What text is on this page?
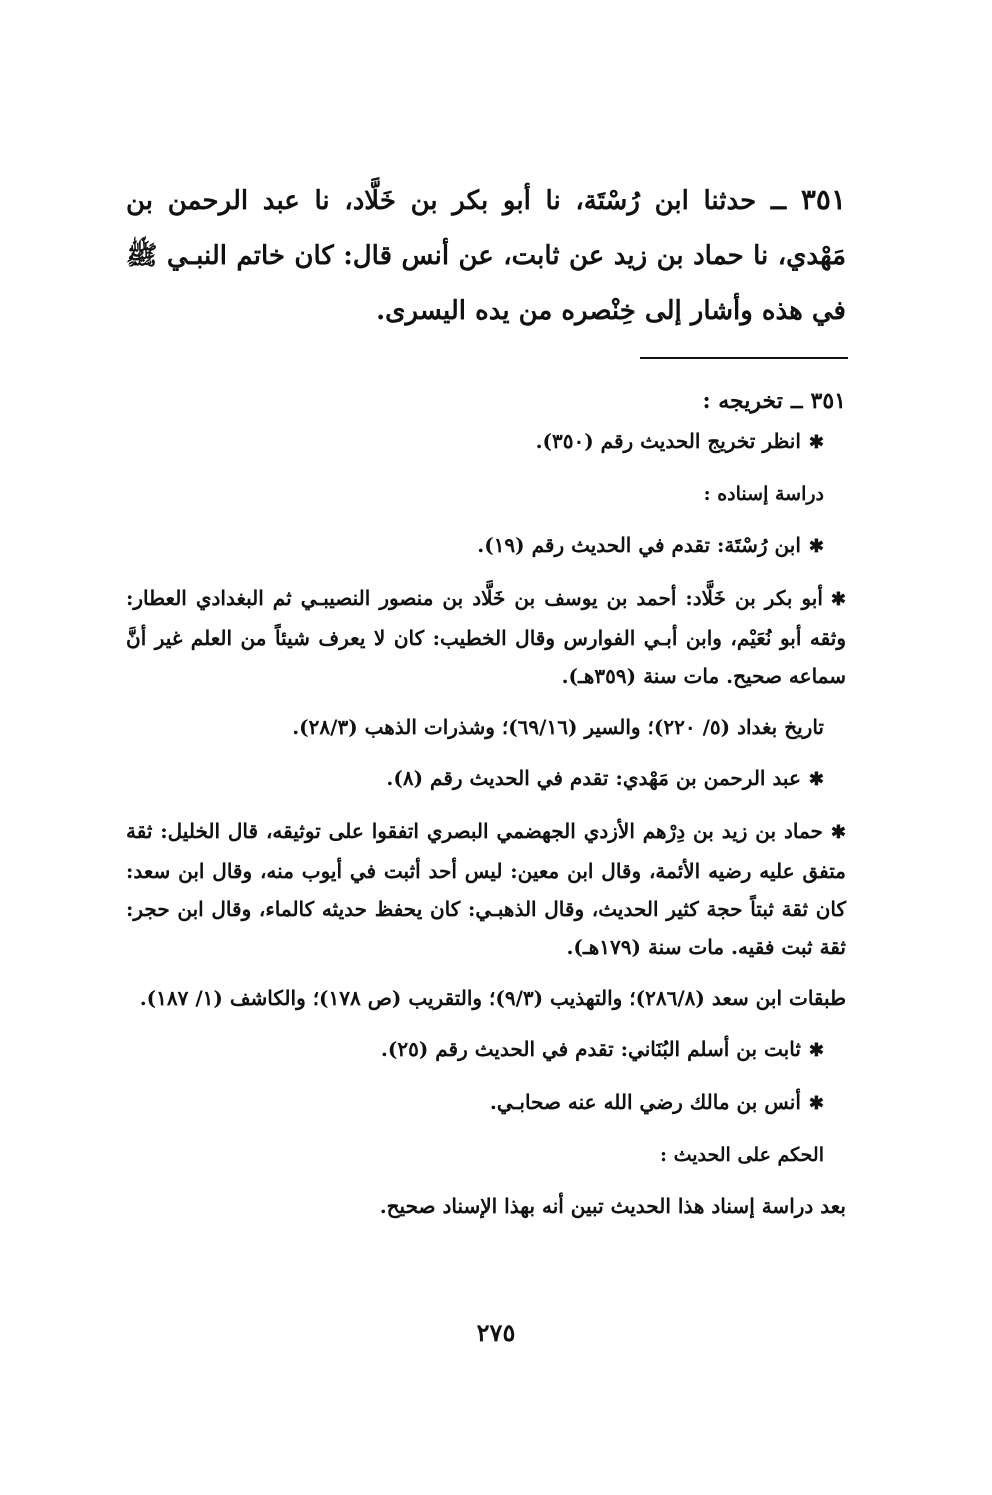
٣٥١ ــ حدثنا ابن رُسْتَة، نا أبو بكر بن خَلَّاد، نا عبد الرحمن بن مَهْدي، نا حماد بن زيد عن ثابت، عن أنس قال: كان خاتم النبـي ﷺ في هذه وأشار إلى خِنْصره من يده اليسرى.
٣٥١
ــ
تخريجه :

✱انظر تخريج الحديث رقم (٣٥٠).

دراسة إسناده :

✱ابن رُسْتَة: تقدم في الحديث رقم (١٩).

✱أبو بكر بن خَلَّاد: أحمد بن يوسف بن خَلَّاد بن منصور النصيبـي ثم البغدادي العطار: وثقه أبو نُعَيْم، وابن أبـي الفوارس وقال الخطيب: كان لا يعرف شيئاً من العلم غير أنَّ سماعه صحيح. مات سنة (٣٥٩هـ).

تاريخ بغداد (٥/ ٢٢٠)؛ والسير (٦٩/١٦)؛ وشذرات الذهب (٢٨/٣).

✱عبد الرحمن بن مَهْدي: تقدم في الحديث رقم (٨).

✱حماد بن زيد بن دِرْهم الأزدي الجهضمي البصري اتفقوا على توثيقه، قال الخليل: ثقة متفق عليه رضيه الأئمة، وقال ابن معين: ليس أحد أثبت في أيوب منه، وقال ابن سعد: كان ثقة ثبتاً حجة كثير الحديث، وقال الذهبـي: كان يحفظ حديثه كالماء، وقال ابن حجر: ثقة ثبت فقيه. مات سنة (١٧٩هـ).

طبقات ابن سعد (٢٨٦/٨)؛ والتهذيب (٩/٣)؛ والتقريب (ص ١٧٨)؛ والكاشف (١/ ١٨٧).

✱ثابت بن أسلم البُنَاني: تقدم في الحديث رقم (٢٥).

✱أنس بن مالك رضي الله عنه صحابـي.

الحكم على الحديث :

بعد دراسة إسناد هذا الحديث تبين أنه بهذا الإسناد صحيح.

٢٧٥
